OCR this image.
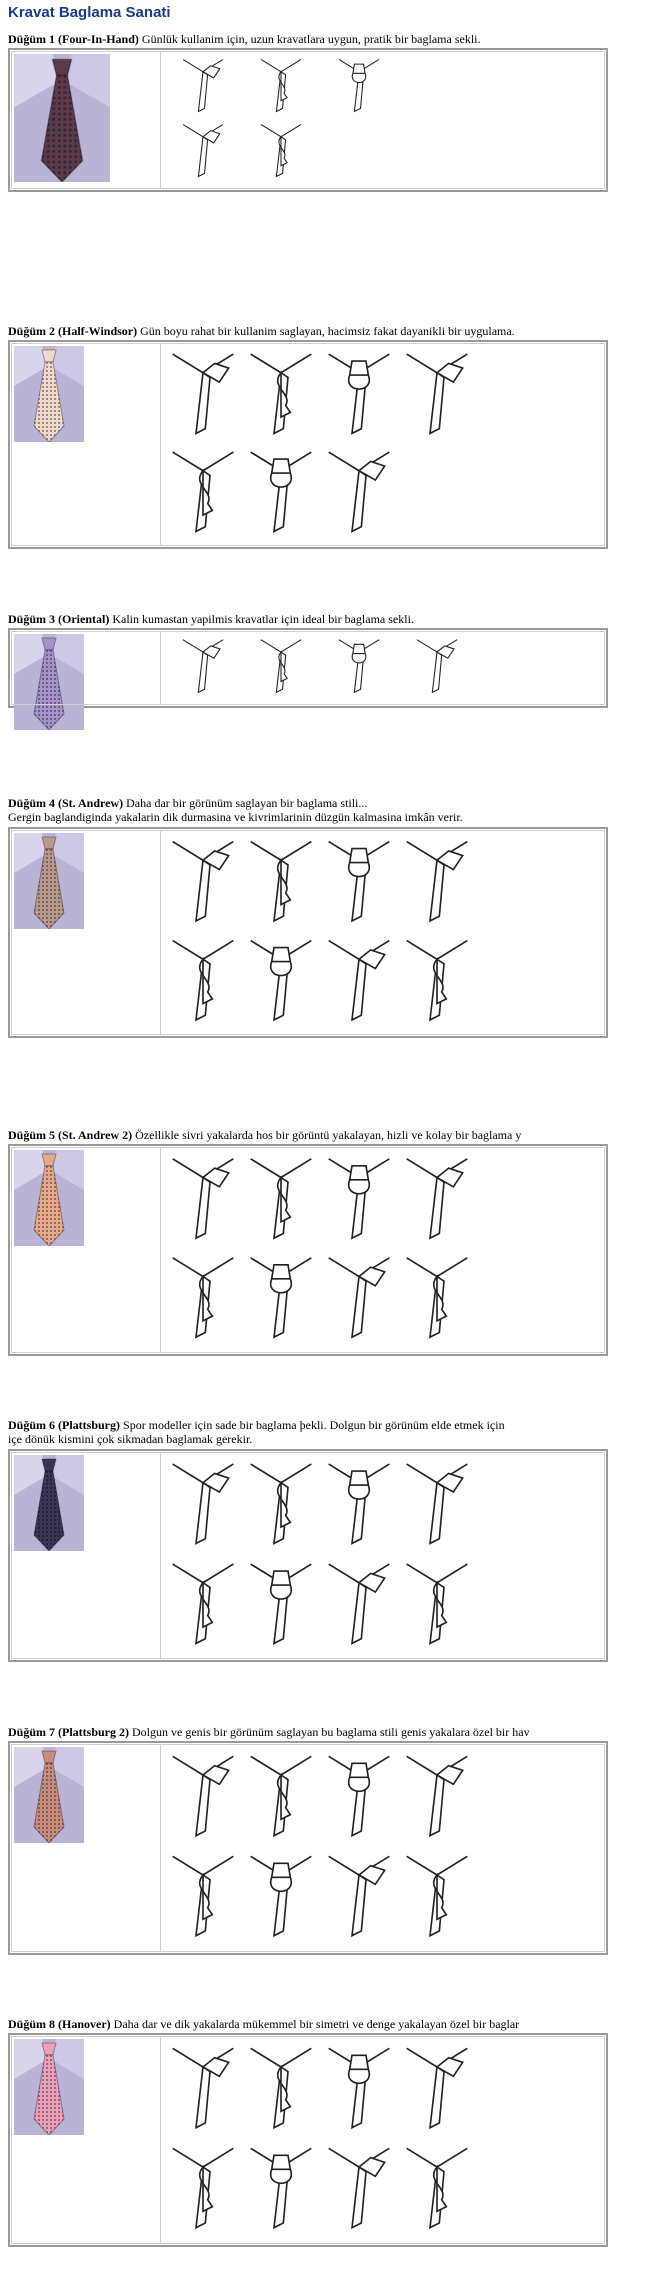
Kravat Baglama Sanati
Düğüm 1 (Four-In-Hand) Günlük kullanim için, uzun kravatlara uygun, pratik bir baglama sekli.
Düğüm 2 (Half-Windsor) Gün boyu rahat bir kullanim saglayan, hacimsiz fakat dayanikli bir uygulama.
Düğüm 3 (Oriental) Kalin kumastan yapilmis kravatlar için ideal bir baglama sekli.
Düğüm 4 (St. Andrew) Daha dar bir görünüm saglayan bir baglama stili...
Gergin baglandiginda yakalarin dik durmasina ve kivrimlarinin düzgün kalmasina imkân verir.
Düğüm 5 (St. Andrew 2) Özellikle sivri yakalarda hos bir görüntü yakalayan, hizli ve kolay bir baglama y
Düğüm 6 (Plattsburg) Spor modeller için sade bir baglama þekli. Dolgun bir görünüm elde etmek için
içe dönük kismini çok sikmadan baglamak gerekir.
Düğüm 7 (Plattsburg 2) Dolgun ve genis bir görünüm saglayan bu baglama stili genis yakalara özel bir hav
Düğüm 8 (Hanover) Daha dar ve dik yakalarda mükemmel bir simetri ve denge yakalayan özel bir baglar
